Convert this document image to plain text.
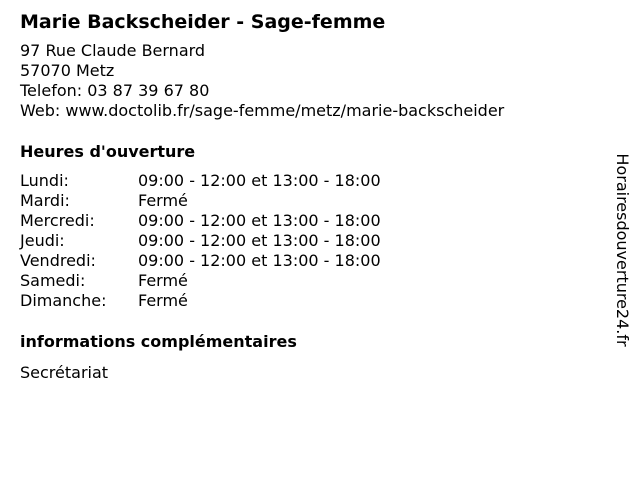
Marie Backscheider - Sage-femme
97 Rue Claude Bernard
57070 Metz
Telefon: 03 87 39 67 80
Web: www.doctolib.fr/sage-femme/metz/marie-backscheider
Heures d'ouverture
Lundi:	09:00 - 12:00 et 13:00 - 18:00
Mardi:	Fermé
Mercredi:	09:00 - 12:00 et 13:00 - 18:00
Jeudi:	09:00 - 12:00 et 13:00 - 18:00
Vendredi:	09:00 - 12:00 et 13:00 - 18:00
Samedi:	Fermé
Dimanche:	Fermé
informations complémentaires
Secrétariat
Horairesdouverture24.fr
